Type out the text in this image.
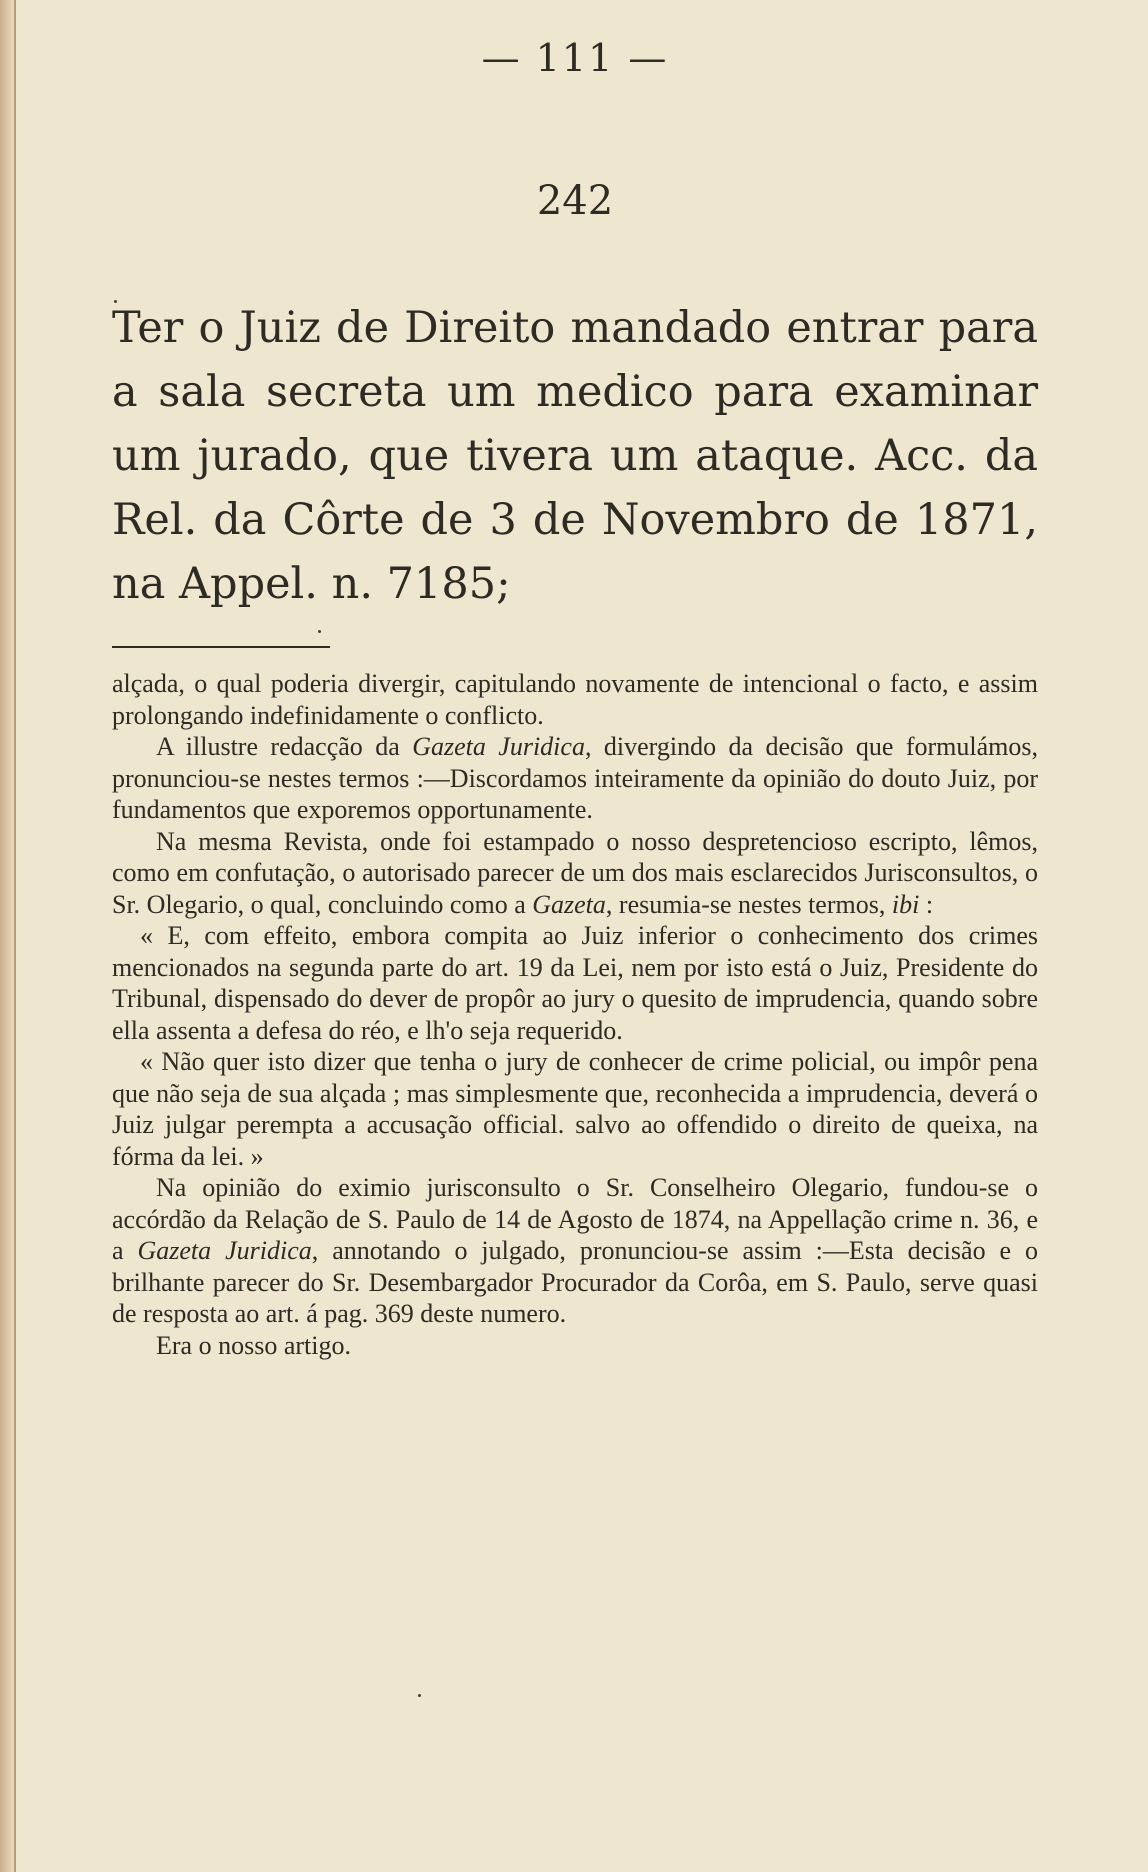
— 111 —
242

Ter o Juiz de Direito mandado entrar para a sala secreta um medico para examinar um jurado, que tivera um ataque. Acc. da Rel. da Côrte de 3 de Novembro de 1871, na Appel. n. 7185;

alçada, o qual poderia divergir, capitulando novamente de intencional o facto, e assim prolongando indefinidamente o conflicto.

A illustre redacção da Gazeta Juridica, divergindo da decisão que formulámos, pronunciou-se nestes termos :—Discordamos inteiramente da opinião do douto Juiz, por fundamentos que exporemos opportunamente.

Na mesma Revista, onde foi estampado o nosso despretencioso escripto, lêmos, como em confutação, o autorisado parecer de um dos mais esclarecidos Jurisconsultos, o Sr. Olegario, o qual, concluindo como a Gazeta, resumia-se nestes termos, ibi :

« E, com effeito, embora compita ao Juiz inferior o conhecimento dos crimes mencionados na segunda parte do art. 19 da Lei, nem por isto está o Juiz, Presidente do Tribunal, dispensado do dever de propôr ao jury o quesito de imprudencia, quando sobre ella assenta a defesa do réo, e lh'o seja requerido.

« Não quer isto dizer que tenha o jury de conhecer de crime policial, ou impôr pena que não seja de sua alçada ; mas simplesmente que, reconhecida a imprudencia, deverá o Juiz julgar perempta a accusação official. salvo ao offendido o direito de queixa, na fórma da lei. »

Na opinião do eximio jurisconsulto o Sr. Conselheiro Olegario, fundou-se o accórdão da Relação de S. Paulo de 14 de Agosto de 1874, na Appellação crime n. 36, e a Gazeta Juridica, annotando o julgado, pronunciou-se assim :—Esta decisão e o brilhante parecer do Sr. Desembargador Procurador da Corôa, em S. Paulo, serve quasi de resposta ao art. á pag. 369 deste numero.

Era o nosso artigo.
